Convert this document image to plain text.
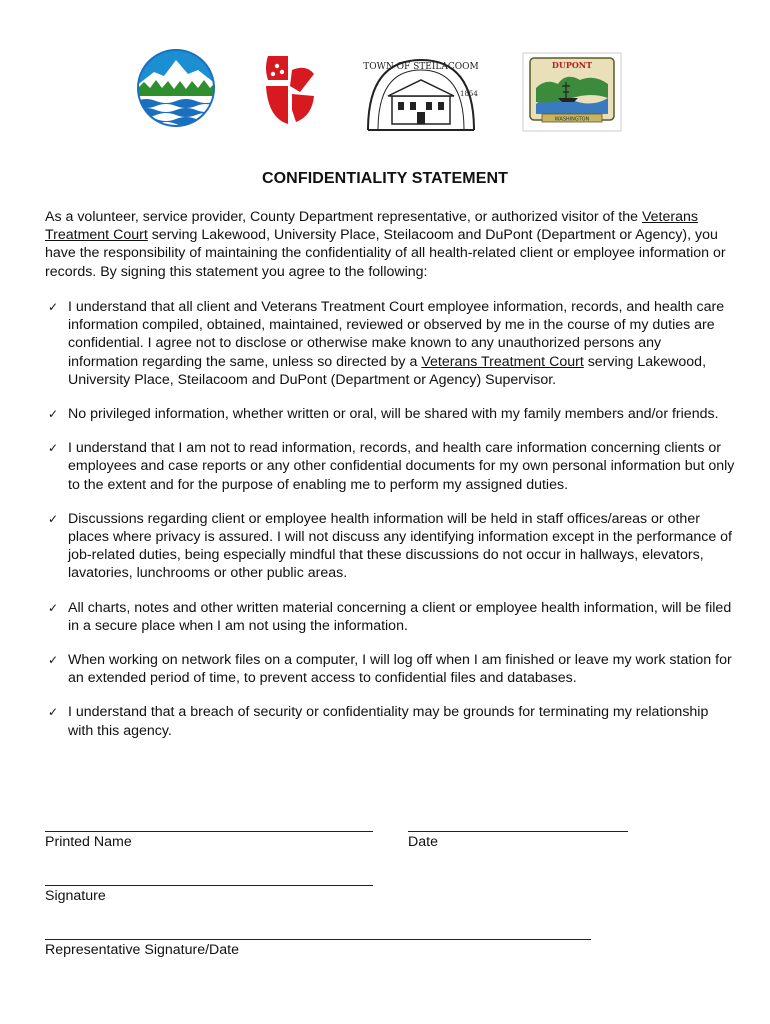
TOWN OF STEILACOOM
1854
DUPONT
WASHINGTON
CONFIDENTIALITY STATEMENT
As a volunteer, service provider, County Department representative, or authorized visitor of the Veterans Treatment Court serving Lakewood, University Place, Steilacoom and DuPont (Department or Agency), you have the responsibility of maintaining the confidentiality of all health-related client or employee information or records. By signing this statement you agree to the following:
✓ I understand that all client and Veterans Treatment Court employee information, records, and health care information compiled, obtained, maintained, reviewed or observed by me in the course of my duties are confidential. I agree not to disclose or otherwise make known to any unauthorized persons any information regarding the same, unless so directed by a Veterans Treatment Court serving Lakewood, University Place, Steilacoom and DuPont (Department or Agency) Supervisor.
✓ No privileged information, whether written or oral, will be shared with my family members and/or friends.
✓ I understand that I am not to read information, records, and health care information concerning clients or employees and case reports or any other confidential documents for my own personal information but only to the extent and for the purpose of enabling me to perform my assigned duties.
✓ Discussions regarding client or employee health information will be held in staff offices/areas or other places where privacy is assured. I will not discuss any identifying information except in the performance of job-related duties, being especially mindful that these discussions do not occur in hallways, elevators, lavatories, lunchrooms or other public areas.
✓ All charts, notes and other written material concerning a client or employee health information, will be filed in a secure place when I am not using the information.
✓ When working on network files on a computer, I will log off when I am finished or leave my work station for an extended period of time, to prevent access to confidential files and databases.
✓ I understand that a breach of security or confidentiality may be grounds for terminating my relationship with this agency.
Printed Name	Date
Signature
Representative Signature/Date
